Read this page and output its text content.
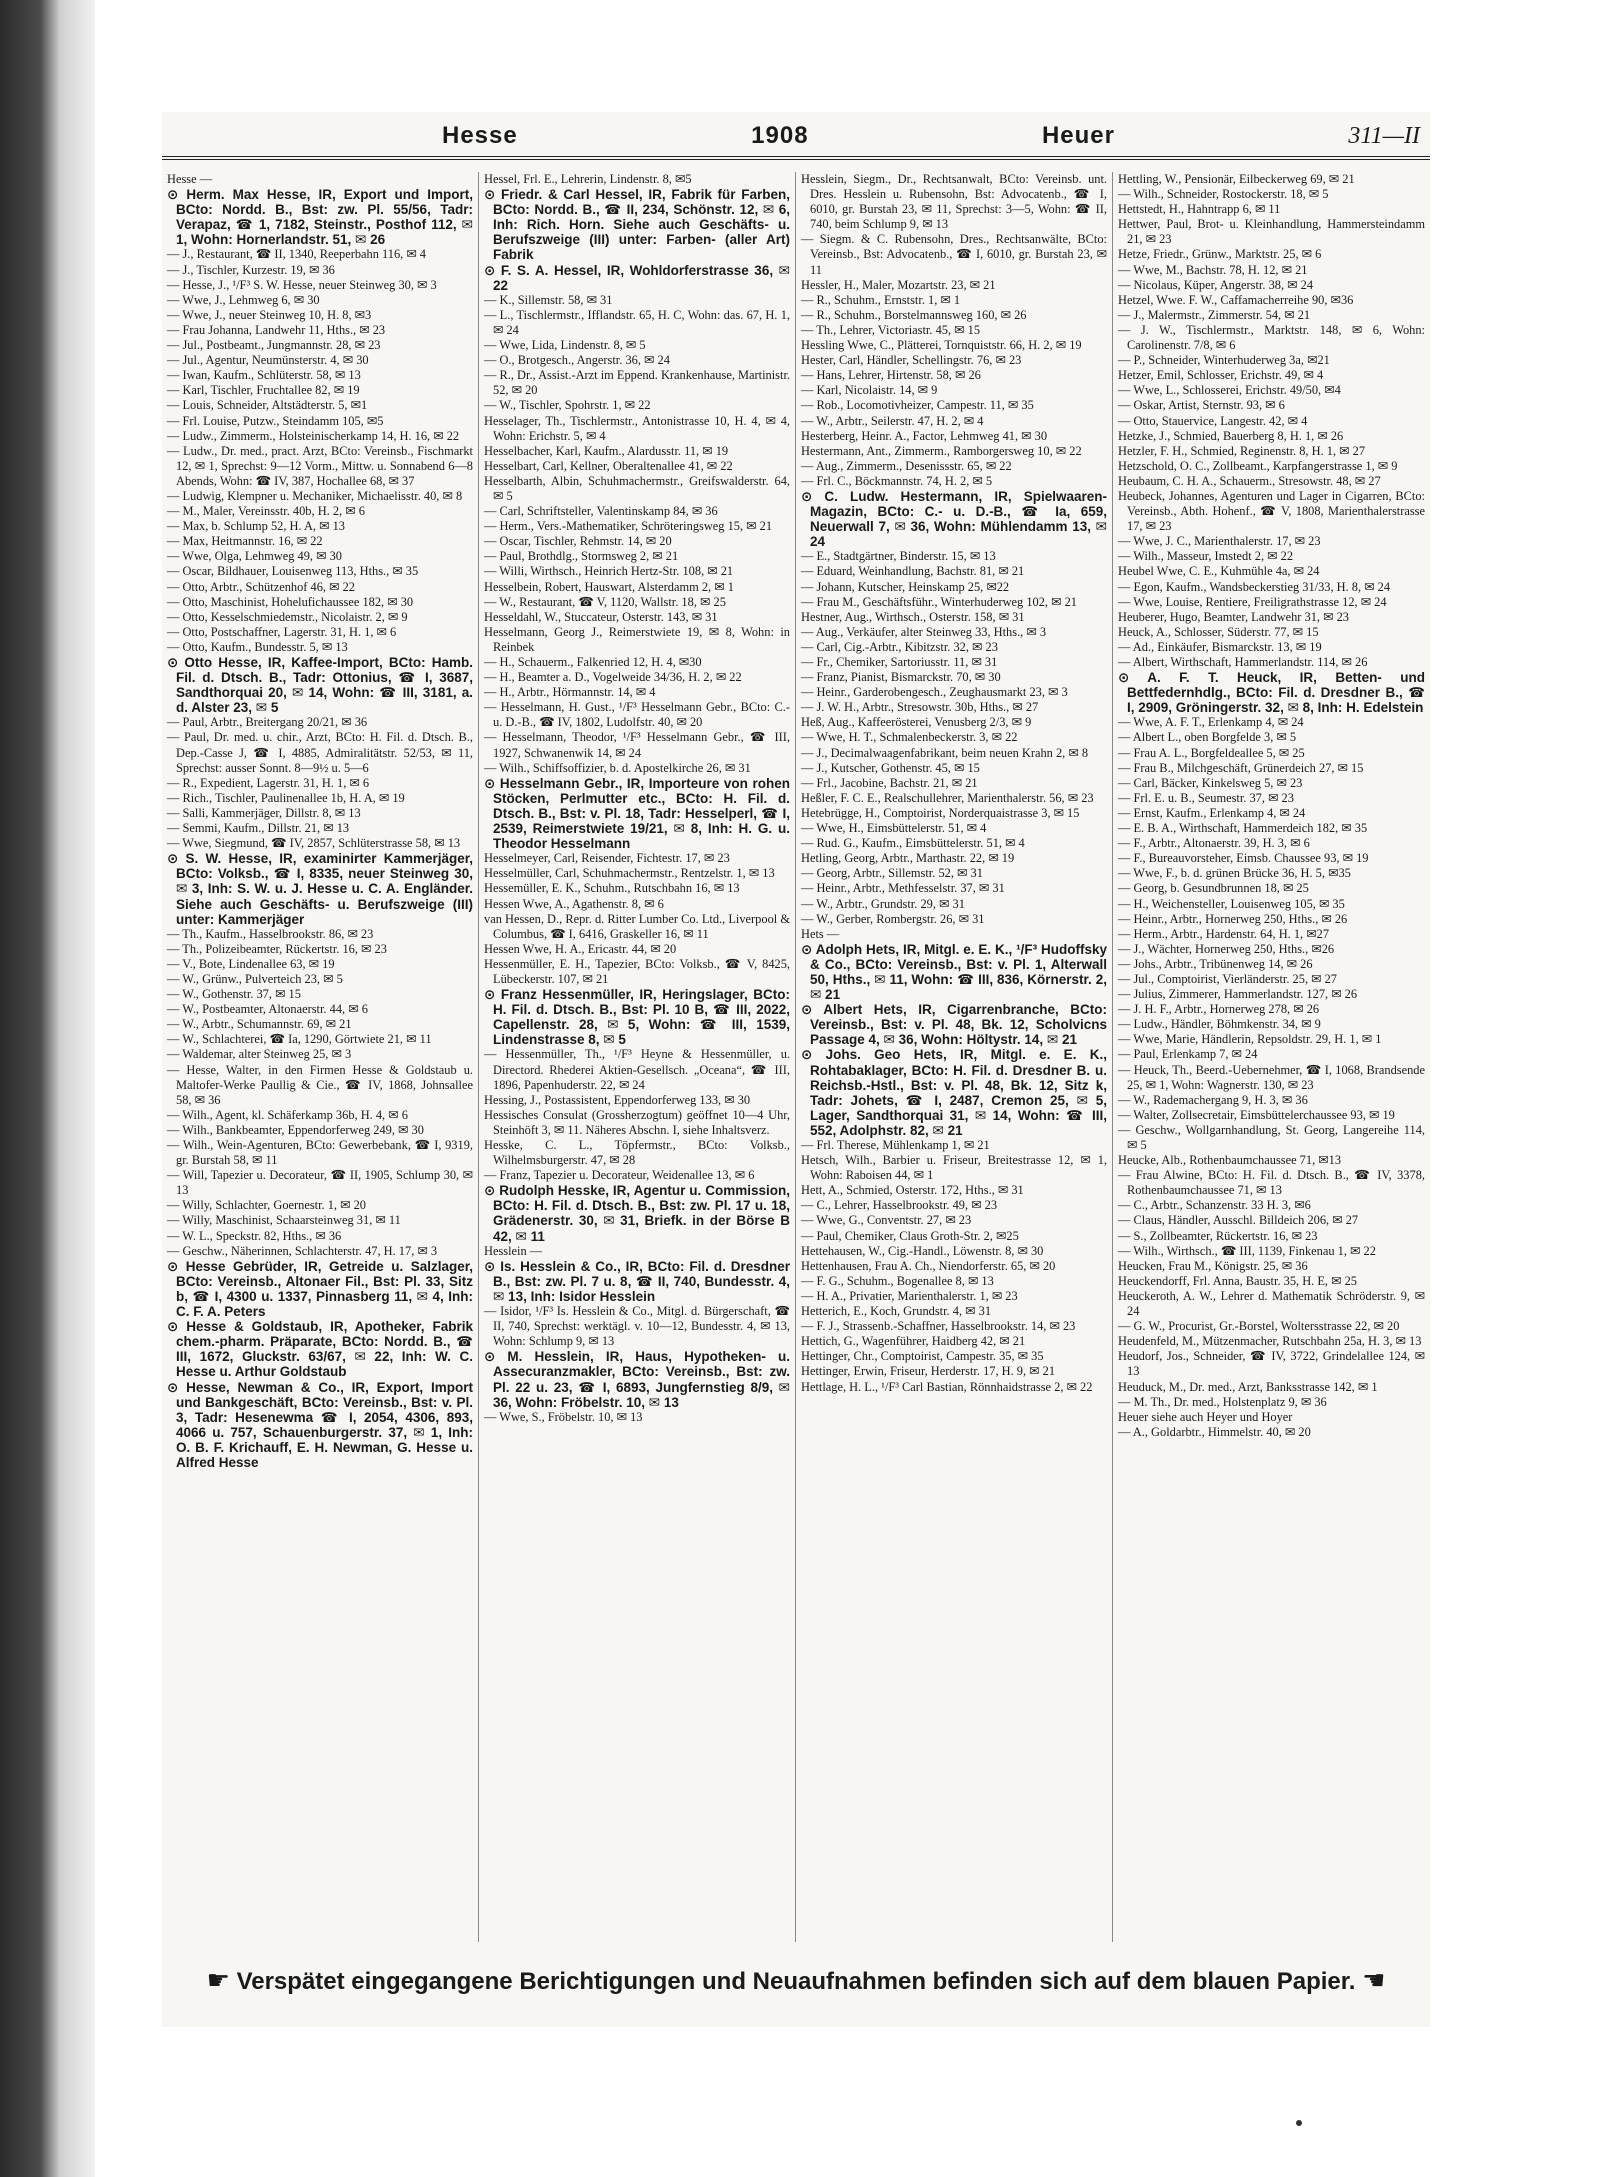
Hesse	1908	Heuer	311—II

Hesse —

⊙ Herm. Max Hesse, IR, Export und Import, BCto: Nordd. B., Bst: zw. Pl. 55/56, Tadr: Verapaz, ☎ 1, 7182, Steinstr., Posthof 112, ✉ 1, Wohn: Hornerlandstr. 51, ✉ 26

— J., Restaurant, ☎ II, 1340, Reeperbahn 116, ✉ 4

— J., Tischler, Kurzestr. 19, ✉ 36

— Hesse, J., ¹/F³ S. W. Hesse, neuer Steinweg 30, ✉ 3

— Wwe, J., Lehmweg 6, ✉ 30

— Wwe, J., neuer Steinweg 10, H. 8, ✉3

— Frau Johanna, Landwehr 11, Hths., ✉ 23

— Jul., Postbeamt., Jungmannstr. 28, ✉ 23

— Jul., Agentur, Neumünsterstr. 4, ✉ 30

— Iwan, Kaufm., Schlüterstr. 58, ✉ 13

— Karl, Tischler, Fruchtallee 82, ✉ 19

— Louis, Schneider, Altstädterstr. 5, ✉1

— Frl. Louise, Putzw., Steindamm 105, ✉5

— Ludw., Zimmerm., Holsteinischerkamp 14, H. 16, ✉ 22

— Ludw., Dr. med., pract. Arzt, BCto: Vereinsb., Fischmarkt 12, ✉ 1, Sprechst: 9—12 Vorm., Mittw. u. Sonnabend 6—8 Abends, Wohn: ☎ IV, 387, Hochallee 68, ✉ 37

— Ludwig, Klempner u. Mechaniker, Michaelisstr. 40, ✉ 8

— M., Maler, Vereinsstr. 40b, H. 2, ✉ 6

— Max, b. Schlump 52, H. A, ✉ 13

— Max, Heitmannstr. 16, ✉ 22

— Wwe, Olga, Lehmweg 49, ✉ 30

— Oscar, Bildhauer, Louisenweg 113, Hths., ✉ 35

— Otto, Arbtr., Schützenhof 46, ✉ 22

— Otto, Maschinist, Hohelufichaussee 182, ✉ 30

— Otto, Kesselschmiedemstr., Nicolaistr. 2, ✉ 9

— Otto, Postschaffner, Lagerstr. 31, H. 1, ✉ 6

— Otto, Kaufm., Bundesstr. 5, ✉ 13

⊙ Otto Hesse, IR, Kaffee-Import, BCto: Hamb. Fil. d. Dtsch. B., Tadr: Ottonius, ☎ I, 3687, Sandthorquai 20, ✉ 14, Wohn: ☎ III, 3181, a. d. Alster 23, ✉ 5

— Paul, Arbtr., Breitergang 20/21, ✉ 36

— Paul, Dr. med. u. chir., Arzt, BCto: H. Fil. d. Dtsch. B., Dep.-Casse J, ☎ I, 4885, Admiralitätstr. 52/53, ✉ 11, Sprechst: ausser Sonnt. 8—9½ u. 5—6

— R., Expedient, Lagerstr. 31, H. 1, ✉ 6

— Rich., Tischler, Paulinenallee 1b, H. A, ✉ 19

— Salli, Kammerjäger, Dillstr. 8, ✉ 13

— Semmi, Kaufm., Dillstr. 21, ✉ 13

— Wwe, Siegmund, ☎ IV, 2857, Schlüterstrasse 58, ✉ 13

⊙ S. W. Hesse, IR, examinirter Kammerjäger, BCto: Volksb., ☎ I, 8335, neuer Steinweg 30, ✉ 3, Inh: S. W. u. J. Hesse u. C. A. Engländer. Siehe auch Geschäfts- u. Berufszweige (III) unter: Kammerjäger

— Th., Kaufm., Hasselbrookstr. 86, ✉ 23

— Th., Polizeibeamter, Rückertstr. 16, ✉ 23

— V., Bote, Lindenallee 63, ✉ 19

— W., Grünw., Pulverteich 23, ✉ 5

— W., Gothenstr. 37, ✉ 15

— W., Postbeamter, Altonaerstr. 44, ✉ 6

— W., Arbtr., Schumannstr. 69, ✉ 21

— W., Schlachterei, ☎ Ia, 1290, Görtwiete 21, ✉ 11

— Waldemar, alter Steinweg 25, ✉ 3

— Hesse, Walter, in den Firmen Hesse & Goldstaub u. Maltofer-Werke Paullig & Cie., ☎ IV, 1868, Johnsallee 58, ✉ 36

— Wilh., Agent, kl. Schäferkamp 36b, H. 4, ✉ 6

— Wilh., Bankbeamter, Eppendorferweg 249, ✉ 30

— Wilh., Wein-Agenturen, BCto: Gewerbebank, ☎ I, 9319, gr. Burstah 58, ✉ 11

— Will, Tapezier u. Decorateur, ☎ II, 1905, Schlump 30, ✉ 13

— Willy, Schlachter, Goernestr. 1, ✉ 20

— Willy, Maschinist, Schaarsteinweg 31, ✉ 11

— W. L., Speckstr. 82, Hths., ✉ 36

— Geschw., Näherinnen, Schlachterstr. 47, H. 17, ✉ 3

⊙ Hesse Gebrüder, IR, Getreide u. Salzlager, BCto: Vereinsb., Altonaer Fil., Bst: Pl. 33, Sitz b, ☎ I, 4300 u. 1337, Pinnasberg 11, ✉ 4, Inh: C. F. A. Peters

⊙ Hesse & Goldstaub, IR, Apotheker, Fabrik chem.-pharm. Präparate, BCto: Nordd. B., ☎ III, 1672, Gluckstr. 63/67, ✉ 22, Inh: W. C. Hesse u. Arthur Goldstaub

⊙ Hesse, Newman & Co., IR, Export, Import und Bankgeschäft, BCto: Vereinsb., Bst: v. Pl. 3, Tadr: Hesenewma ☎ I, 2054, 4306, 893, 4066 u. 757, Schauenburgerstr. 37, ✉ 1, Inh: O. B. F. Krichauff, E. H. Newman, G. Hesse u. Alfred Hesse

Hessel, Frl. E., Lehrerin, Lindenstr. 8, ✉5

⊙ Friedr. & Carl Hessel, IR, Fabrik für Farben, BCto: Nordd. B., ☎ II, 234, Schönstr. 12, ✉ 6, Inh: Rich. Horn. Siehe auch Geschäfts- u. Berufszweige (III) unter: Farben- (aller Art) Fabrik

⊙ F. S. A. Hessel, IR, Wohldorferstrasse 36, ✉ 22

— K., Sillemstr. 58, ✉ 31

— L., Tischlermstr., Ifflandstr. 65, H. C, Wohn: das. 67, H. 1, ✉ 24

— Wwe, Lida, Lindenstr. 8, ✉ 5

— O., Brotgesch., Angerstr. 36, ✉ 24

— R., Dr., Assist.-Arzt im Eppend. Krankenhause, Martinistr. 52, ✉ 20

— W., Tischler, Spohrstr. 1, ✉ 22

Hesselager, Th., Tischlermstr., Antonistrasse 10, H. 4, ✉ 4, Wohn: Erichstr. 5, ✉ 4

Hesselbacher, Karl, Kaufm., Alardusstr. 11, ✉ 19

Hesselbart, Carl, Kellner, Oberaltenallee 41, ✉ 22

Hesselbarth, Albin, Schuhmachermstr., Greifswalderstr. 64, ✉ 5

— Carl, Schriftsteller, Valentinskamp 84, ✉ 36

— Herm., Vers.-Mathematiker, Schröteringsweg 15, ✉ 21

— Oscar, Tischler, Rehmstr. 14, ✉ 20

— Paul, Brothdlg., Stormsweg 2, ✉ 21

— Willi, Wirthsch., Heinrich Hertz-Str. 108, ✉ 21

Hesselbein, Robert, Hauswart, Alsterdamm 2, ✉ 1

— W., Restaurant, ☎ V, 1120, Wallstr. 18, ✉ 25

Hesseldahl, W., Stuccateur, Osterstr. 143, ✉ 31

Hesselmann, Georg J., Reimerstwiete 19, ✉ 8, Wohn: in Reinbek

— H., Schauerm., Falkenried 12, H. 4, ✉30

— H., Beamter a. D., Vogelweide 34/36, H. 2, ✉ 22

— H., Arbtr., Hörmannstr. 14, ✉ 4

— Hesselmann, H. Gust., ¹/F³ Hesselmann Gebr., BCto: C.- u. D.-B., ☎ IV, 1802, Ludolfstr. 40, ✉ 20

— Hesselmann, Theodor, ¹/F³ Hesselmann Gebr., ☎ III, 1927, Schwanenwik 14, ✉ 24

— Wilh., Schiffsoffizier, b. d. Apostelkirche 26, ✉ 31

⊙ Hesselmann Gebr., IR, Importeure von rohen Stöcken, Perlmutter etc., BCto: H. Fil. d. Dtsch. B., Bst: v. Pl. 18, Tadr: Hesselperl, ☎ I, 2539, Reimerstwiete 19/21, ✉ 8, Inh: H. G. u. Theodor Hesselmann

Hesselmeyer, Carl, Reisender, Fichtestr. 17, ✉ 23

Hesselmüller, Carl, Schuhmachermstr., Rentzelstr. 1, ✉ 13

Hessemüller, E. K., Schuhm., Rutschbahn 16, ✉ 13

Hessen Wwe, A., Agathenstr. 8, ✉ 6

van Hessen, D., Repr. d. Ritter Lumber Co. Ltd., Liverpool & Columbus, ☎ I, 6416, Graskeller 16, ✉ 11

Hessen Wwe, H. A., Ericastr. 44, ✉ 20

Hessenmüller, E. H., Tapezier, BCto: Volksb., ☎ V, 8425, Lübeckerstr. 107, ✉ 21

⊙ Franz Hessenmüller, IR, Heringslager, BCto: H. Fil. d. Dtsch. B., Bst: Pl. 10 B, ☎ III, 2022, Capellenstr. 28, ✉ 5, Wohn: ☎ III, 1539, Lindenstrasse 8, ✉ 5

— Hessenmüller, Th., ¹/F³ Heyne & Hessenmüller, u. Directord. Rhederei Aktien-Gesellsch. „Oceana“, ☎ III, 1896, Papenhuderstr. 22, ✉ 24

Hessing, J., Postassistent, Eppendorferweg 133, ✉ 30

Hessisches Consulat (Grossherzogtum) geöffnet 10—4 Uhr, Steinhöft 3, ✉ 11. Näheres Abschn. I, siehe Inhaltsverz.

Hesske, C. L., Töpfermstr., BCto: Volksb., Wilhelmsburgerstr. 47, ✉ 28

— Franz, Tapezier u. Decorateur, Weidenallee 13, ✉ 6

⊙ Rudolph Hesske, IR, Agentur u. Commission, BCto: H. Fil. d. Dtsch. B., Bst: zw. Pl. 17 u. 18, Grädenerstr. 30, ✉ 31, Briefk. in der Börse B 42, ✉ 11

Hesslein —

⊙ Is. Hesslein & Co., IR, BCto: Fil. d. Dresdner B., Bst: zw. Pl. 7 u. 8, ☎ II, 740, Bundesstr. 4, ✉ 13, Inh: Isidor Hesslein

— Isidor, ¹/F³ Is. Hesslein & Co., Mitgl. d. Bürgerschaft, ☎ II, 740, Sprechst: werktägl. v. 10—12, Bundesstr. 4, ✉ 13, Wohn: Schlump 9, ✉ 13

⊙ M. Hesslein, IR, Haus, Hypotheken- u. Assecuranzmakler, BCto: Vereinsb., Bst: zw. Pl. 22 u. 23, ☎ I, 6893, Jungfernstieg 8/9, ✉ 36, Wohn: Fröbelstr. 10, ✉ 13

— Wwe, S., Fröbelstr. 10, ✉ 13

Hesslein, Siegm., Dr., Rechtsanwalt, BCto: Vereinsb. unt. Dres. Hesslein u. Rubensohn, Bst: Advocatenb., ☎ I, 6010, gr. Burstah 23, ✉ 11, Sprechst: 3—5, Wohn: ☎ II, 740, beim Schlump 9, ✉ 13

— Siegm. & C. Rubensohn, Dres., Rechtsanwälte, BCto: Vereinsb., Bst: Advocatenb., ☎ I, 6010, gr. Burstah 23, ✉ 11

Hessler, H., Maler, Mozartstr. 23, ✉ 21

— R., Schuhm., Ernststr. 1, ✉ 1

— R., Schuhm., Borstelmannsweg 160, ✉ 26

— Th., Lehrer, Victoriastr. 45, ✉ 15

Hessling Wwe, C., Plätterei, Tornquiststr. 66, H. 2, ✉ 19

Hester, Carl, Händler, Schellingstr. 76, ✉ 23

— Hans, Lehrer, Hirtenstr. 58, ✉ 26

— Karl, Nicolaistr. 14, ✉ 9

— Rob., Locomotivheizer, Campestr. 11, ✉ 35

— W., Arbtr., Seilerstr. 47, H. 2, ✉ 4

Hesterberg, Heinr. A., Factor, Lehmweg 41, ✉ 30

Hestermann, Ant., Zimmerm., Ramborgersweg 10, ✉ 22

— Aug., Zimmerm., Desenissstr. 65, ✉ 22

— Frl. C., Böckmannstr. 74, H. 2, ✉ 5

⊙ C. Ludw. Hestermann, IR, Spielwaaren-Magazin, BCto: C.- u. D.-B., ☎ Ia, 659, Neuerwall 7, ✉ 36, Wohn: Mühlendamm 13, ✉ 24

— E., Stadtgärtner, Binderstr. 15, ✉ 13

— Eduard, Weinhandlung, Bachstr. 81, ✉ 21

— Johann, Kutscher, Heinskamp 25, ✉22

— Frau M., Geschäftsführ., Winterhuderweg 102, ✉ 21

Hestner, Aug., Wirthsch., Osterstr. 158, ✉ 31

— Aug., Verkäufer, alter Steinweg 33, Hths., ✉ 3

— Carl, Cig.-Arbtr., Kibitzstr. 32, ✉ 23

— Fr., Chemiker, Sartoriusstr. 11, ✉ 31

— Franz, Pianist, Bismarckstr. 70, ✉ 30

— Heinr., Garderobengesch., Zeughausmarkt 23, ✉ 3

— J. W. H., Arbtr., Stresowstr. 30b, Hths., ✉ 27

Heß, Aug., Kaffeerösterei, Venusberg 2/3, ✉ 9

— Wwe, H. T., Schmalenbeckerstr. 3, ✉ 22

— J., Decimalwaagenfabrikant, beim neuen Krahn 2, ✉ 8

— J., Kutscher, Gothenstr. 45, ✉ 15

— Frl., Jacobine, Bachstr. 21, ✉ 21

Heßler, F. C. E., Realschullehrer, Marienthalerstr. 56, ✉ 23

Hetebrügge, H., Comptoirist, Norderquaistrasse 3, ✉ 15

— Wwe, H., Eimsbüttelerstr. 51, ✉ 4

— Rud. G., Kaufm., Eimsbüttelerstr. 51, ✉ 4

Hetling, Georg, Arbtr., Marthastr. 22, ✉ 19

— Georg, Arbtr., Sillemstr. 52, ✉ 31

— Heinr., Arbtr., Methfesselstr. 37, ✉ 31

— W., Arbtr., Grundstr. 29, ✉ 31

— W., Gerber, Rombergstr. 26, ✉ 31

Hets —

⊙ Adolph Hets, IR, Mitgl. e. E. K., ¹/F³ Hudoffsky & Co., BCto: Vereinsb., Bst: v. Pl. 1, Alterwall 50, Hths., ✉ 11, Wohn: ☎ III, 836, Körnerstr. 2, ✉ 21

⊙ Albert Hets, IR, Cigarrenbranche, BCto: Vereinsb., Bst: v. Pl. 48, Bk. 12, Scholvicns Passage 4, ✉ 36, Wohn: Höltystr. 14, ✉ 21

⊙ Johs. Geo Hets, IR, Mitgl. e. E. K., Rohtabaklager, BCto: H. Fil. d. Dresdner B. u. Reichsb.-Hstl., Bst: v. Pl. 48, Bk. 12, Sitz k, Tadr: Johets, ☎ I, 2487, Cremon 25, ✉ 5, Lager, Sandthorquai 31, ✉ 14, Wohn: ☎ III, 552, Adolphstr. 82, ✉ 21

— Frl. Therese, Mühlenkamp 1, ✉ 21

Hetsch, Wilh., Barbier u. Friseur, Breitestrasse 12, ✉ 1, Wohn: Raboisen 44, ✉ 1

Hett, A., Schmied, Osterstr. 172, Hths., ✉ 31

— C., Lehrer, Hasselbrookstr. 49, ✉ 23

— Wwe, G., Conventstr. 27, ✉ 23

— Paul, Chemiker, Claus Groth-Str. 2, ✉25

Hettehausen, W., Cig.-Handl., Löwenstr. 8, ✉ 30

Hettenhausen, Frau A. Ch., Niendorferstr. 65, ✉ 20

— F. G., Schuhm., Bogenallee 8, ✉ 13

— H. A., Privatier, Marienthalerstr. 1, ✉ 23

Hetterich, E., Koch, Grundstr. 4, ✉ 31

— F. J., Strassenb.-Schaffner, Hasselbrookstr. 14, ✉ 23

Hettich, G., Wagenführer, Haidberg 42, ✉ 21

Hettinger, Chr., Comptoirist, Campestr. 35, ✉ 35

Hettinger, Erwin, Friseur, Herderstr. 17, H. 9, ✉ 21

Hettlage, H. L., ¹/F³ Carl Bastian, Rönnhaidstrasse 2, ✉ 22

Hettling, W., Pensionär, Eilbeckerweg 69, ✉ 21

— Wilh., Schneider, Rostockerstr. 18, ✉ 5

Hettstedt, H., Hahntrapp 6, ✉ 11

Hettwer, Paul, Brot- u. Kleinhandlung, Hammersteindamm 21, ✉ 23

Hetze, Friedr., Grünw., Marktstr. 25, ✉ 6

— Wwe, M., Bachstr. 78, H. 12, ✉ 21

— Nicolaus, Küper, Angerstr. 38, ✉ 24

Hetzel, Wwe. F. W., Caffamacherreihe 90, ✉36

— J., Malermstr., Zimmerstr. 54, ✉ 21

— J. W., Tischlermstr., Marktstr. 148, ✉ 6, Wohn: Carolinenstr. 7/8, ✉ 6

— P., Schneider, Winterhuderweg 3a, ✉21

Hetzer, Emil, Schlosser, Erichstr. 49, ✉ 4

— Wwe, L., Schlosserei, Erichstr. 49/50, ✉4

— Oskar, Artist, Sternstr. 93, ✉ 6

— Otto, Stauervice, Langestr. 42, ✉ 4

Hetzke, J., Schmied, Bauerberg 8, H. 1, ✉ 26

Hetzler, F. H., Schmied, Reginenstr. 8, H. 1, ✉ 27

Hetzschold, O. C., Zollbeamt., Karpfangerstrasse 1, ✉ 9

Heubaum, C. H. A., Schauerm., Stresowstr. 48, ✉ 27

Heubeck, Johannes, Agenturen und Lager in Cigarren, BCto: Vereinsb., Abth. Hohenf., ☎ V, 1808, Marienthalerstrasse 17, ✉ 23

— Wwe, J. C., Marienthalerstr. 17, ✉ 23

— Wilh., Masseur, Imstedt 2, ✉ 22

Heubel Wwe, C. E., Kuhmühle 4a, ✉ 24

— Egon, Kaufm., Wandsbeckerstieg 31/33, H. 8, ✉ 24

— Wwe, Louise, Rentiere, Freiligrathstrasse 12, ✉ 24

Heuberer, Hugo, Beamter, Landwehr 31, ✉ 23

Heuck, A., Schlosser, Süderstr. 77, ✉ 15

— Ad., Einkäufer, Bismarckstr. 13, ✉ 19

— Albert, Wirthschaft, Hammerlandstr. 114, ✉ 26

⊙ A. F. T. Heuck, IR, Betten- und Bettfedernhdlg., BCto: Fil. d. Dresdner B., ☎ I, 2909, Gröningerstr. 32, ✉ 8, Inh: H. Edelstein

— Wwe, A. F. T., Erlenkamp 4, ✉ 24

— Albert L., oben Borgfelde 3, ✉ 5

— Frau A. L., Borgfeldeallee 5, ✉ 25

— Frau B., Milchgeschäft, Grünerdeich 27, ✉ 15

— Carl, Bäcker, Kinkelsweg 5, ✉ 23

— Frl. E. u. B., Seumestr. 37, ✉ 23

— Ernst, Kaufm., Erlenkamp 4, ✉ 24

— E. B. A., Wirthschaft, Hammerdeich 182, ✉ 35

— F., Arbtr., Altonaerstr. 39, H. 3, ✉ 6

— F., Bureauvorsteher, Eimsb. Chaussee 93, ✉ 19

— Wwe, F., b. d. grünen Brücke 36, H. 5, ✉35

— Georg, b. Gesundbrunnen 18, ✉ 25

— H., Weichensteller, Louisenweg 105, ✉ 35

— Heinr., Arbtr., Hornerweg 250, Hths., ✉ 26

— Herm., Arbtr., Hardenstr. 64, H. 1, ✉27

— J., Wächter, Hornerweg 250, Hths., ✉26

— Johs., Arbtr., Tribünenweg 14, ✉ 26

— Jul., Comptoirist, Vierländerstr. 25, ✉ 27

— Julius, Zimmerer, Hammerlandstr. 127, ✉ 26

— J. H. F., Arbtr., Hornerweg 278, ✉ 26

— Ludw., Händler, Böhmkenstr. 34, ✉ 9

— Wwe, Marie, Händlerin, Repsoldstr. 29, H. 1, ✉ 1

— Paul, Erlenkamp 7, ✉ 24

— Heuck, Th., Beerd.-Uebernehmer, ☎ I, 1068, Brandsende 25, ✉ 1, Wohn: Wagnerstr. 130, ✉ 23

— W., Rademachergang 9, H. 3, ✉ 36

— Walter, Zollsecretair, Eimsbüttelerchaussee 93, ✉ 19

— Geschw., Wollgarnhandlung, St. Georg, Langereihe 114, ✉ 5

Heucke, Alb., Rothenbaumchaussee 71, ✉13

— Frau Alwine, BCto: H. Fil. d. Dtsch. B., ☎ IV, 3378, Rothenbaumchaussee 71, ✉ 13

— C., Arbtr., Schanzenstr. 33 H. 3, ✉6

— Claus, Händler, Ausschl. Billdeich 206, ✉ 27

— S., Zollbeamter, Rückertstr. 16, ✉ 23

— Wilh., Wirthsch., ☎ III, 1139, Finkenau 1, ✉ 22

Heucken, Frau M., Königstr. 25, ✉ 36

Heuckendorff, Frl. Anna, Baustr. 35, H. E, ✉ 25

Heuckeroth, A. W., Lehrer d. Mathematik Schröderstr. 9, ✉ 24

— G. W., Procurist, Gr.-Borstel, Woltersstrasse 22, ✉ 20

Heudenfeld, M., Mützenmacher, Rutschbahn 25a, H. 3, ✉ 13

Heudorf, Jos., Schneider, ☎ IV, 3722, Grindelallee 124, ✉ 13

Heuduck, M., Dr. med., Arzt, Banksstrasse 142, ✉ 1

— M. Th., Dr. med., Holstenplatz 9, ✉ 36

Heuer siehe auch Heyer und Hoyer

— A., Goldarbtr., Himmelstr. 40, ✉ 20

☛ Verspätet eingegangene Berichtigungen und Neuaufnahmen befinden sich auf dem blauen Papier. ☚
